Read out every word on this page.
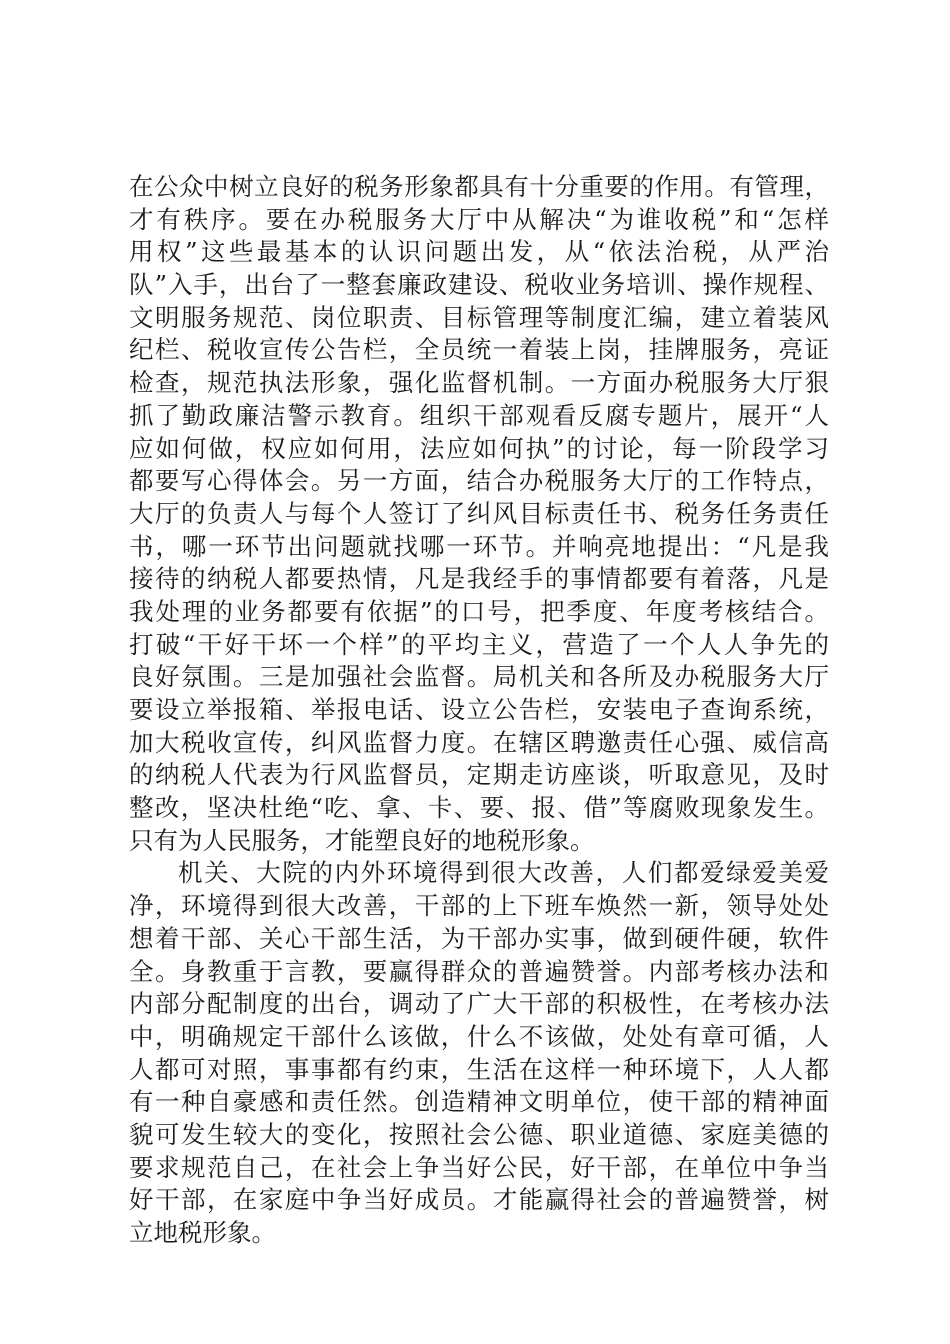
在公众中树立良好的税务形象都具有十分重要的作用。有管理，
才有秩序。要在办税服务大厅中从解决“为谁收税”和“怎样
用权”这些最基本的认识问题出发，从“依法治税，从严治
队”入手，出台了一整套廉政建设、税收业务培训、操作规程、
文明服务规范、岗位职责、目标管理等制度汇编，建立着装风
纪栏、税收宣传公告栏，全员统一着装上岗，挂牌服务，亮证
检查，规范执法形象，强化监督机制。一方面办税服务大厅狠
抓了勤政廉洁警示教育。组织干部观看反腐专题片，展开“人
应如何做，权应如何用，法应如何执”的讨论，每一阶段学习
都要写心得体会。另一方面，结合办税服务大厅的工作特点，
大厅的负责人与每个人签订了纠风目标责任书、税务任务责任
书，哪一环节出问题就找哪一环节。并响亮地提出：“凡是我
接待的纳税人都要热情，凡是我经手的事情都要有着落，凡是
我处理的业务都要有依据”的口号，把季度、年度考核结合。
打破“干好干坏一个样”的平均主义，营造了一个人人争先的
良好氛围。三是加强社会监督。局机关和各所及办税服务大厅
要设立举报箱、举报电话、设立公告栏，安装电子查询系统，
加大税收宣传，纠风监督力度。在辖区聘邀责任心强、威信高
的纳税人代表为行风监督员，定期走访座谈，听取意见，及时
整改，坚决杜绝“吃、拿、卡、要、报、借”等腐败现象发生。
只有为人民服务，才能塑良好的地税形象。
机关、大院的内外环境得到很大改善，人们都爱绿爱美爱
净，环境得到很大改善，干部的上下班车焕然一新，领导处处
想着干部、关心干部生活，为干部办实事，做到硬件硬，软件
全。身教重于言教，要赢得群众的普遍赞誉。内部考核办法和
内部分配制度的出台，调动了广大干部的积极性，在考核办法
中，明确规定干部什么该做，什么不该做，处处有章可循，人
人都可对照，事事都有约束，生活在这样一种环境下，人人都
有一种自豪感和责任然。创造精神文明单位，使干部的精神面
貌可发生较大的变化，按照社会公德、职业道德、家庭美德的
要求规范自己，在社会上争当好公民，好干部，在单位中争当
好干部，在家庭中争当好成员。才能赢得社会的普遍赞誉，树
立地税形象。
